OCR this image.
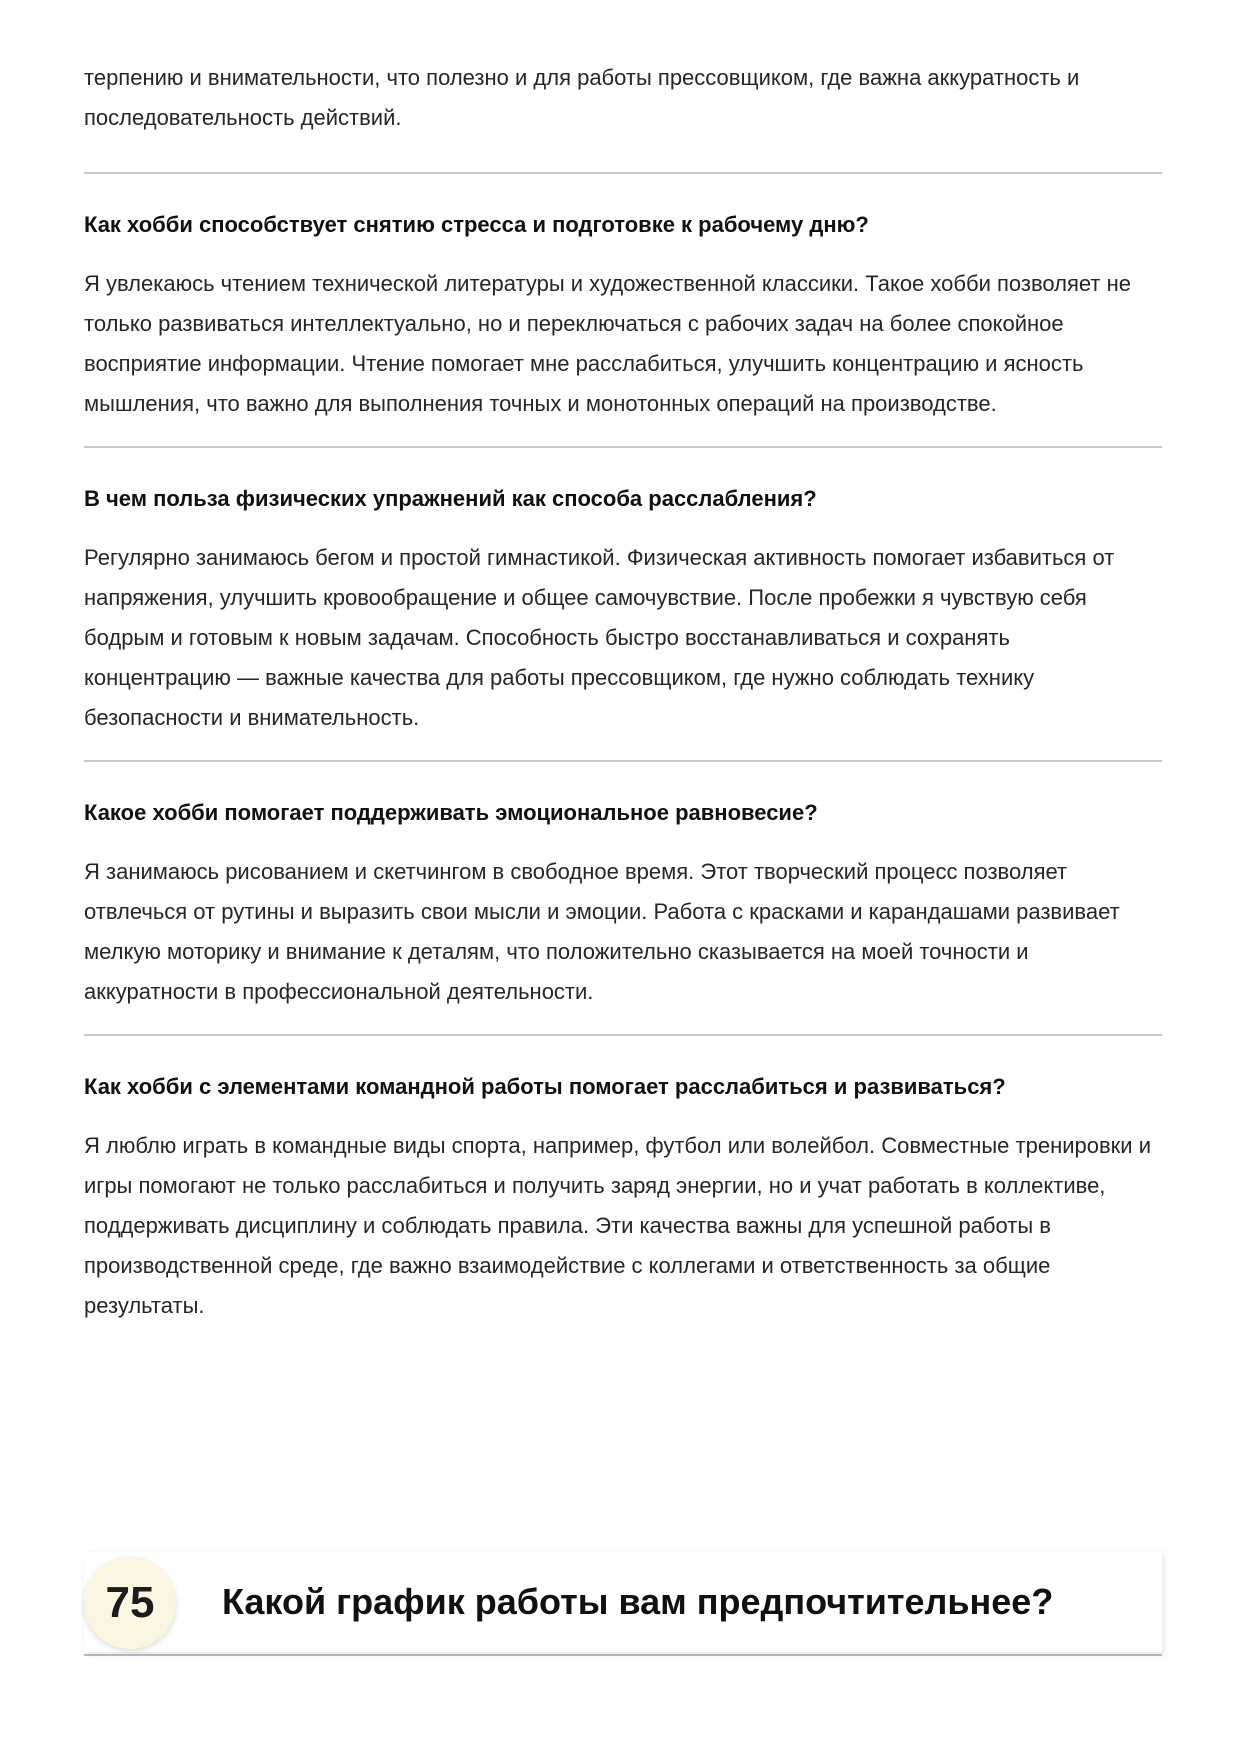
терпению и внимательности, что полезно и для работы прессовщиком, где важна аккуратность и последовательность действий.

Как хобби способствует снятию стресса и подготовке к рабочему дню?

Я увлекаюсь чтением технической литературы и художественной классики. Такое хобби позволяет не только развиваться интеллектуально, но и переключаться с рабочих задач на более спокойное восприятие информации. Чтение помогает мне расслабиться, улучшить концентрацию и ясность мышления, что важно для выполнения точных и монотонных операций на производстве.

В чем польза физических упражнений как способа расслабления?

Регулярно занимаюсь бегом и простой гимнастикой. Физическая активность помогает избавиться от напряжения, улучшить кровообращение и общее самочувствие. После пробежки я чувствую себя бодрым и готовым к новым задачам. Способность быстро восстанавливаться и сохранять концентрацию — важные качества для работы прессовщиком, где нужно соблюдать технику безопасности и внимательность.

Какое хобби помогает поддерживать эмоциональное равновесие?

Я занимаюсь рисованием и скетчингом в свободное время. Этот творческий процесс позволяет отвлечься от рутины и выразить свои мысли и эмоции. Работа с красками и карандашами развивает мелкую моторику и внимание к деталям, что положительно сказывается на моей точности и аккуратности в профессиональной деятельности.

Как хобби с элементами командной работы помогает расслабиться и развиваться?

Я люблю играть в командные виды спорта, например, футбол или волейбол. Совместные тренировки и игры помогают не только расслабиться и получить заряд энергии, но и учат работать в коллективе, поддерживать дисциплину и соблюдать правила. Эти качества важны для успешной работы в производственной среде, где важно взаимодействие с коллегами и ответственность за общие результаты.

75	Какой график работы вам предпочтительнее?
